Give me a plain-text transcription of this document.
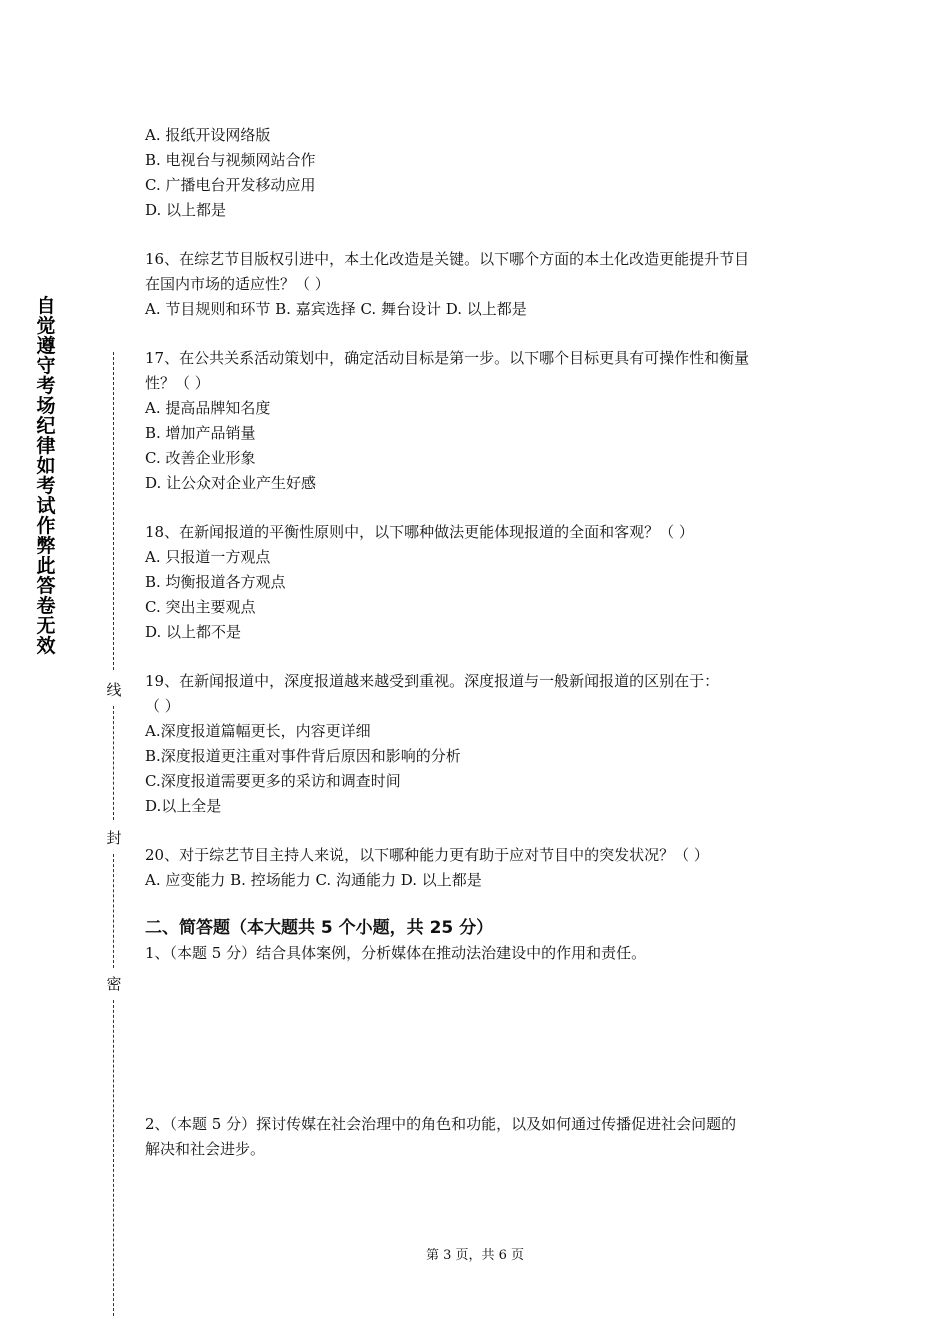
自
觉
遵
守
考
场
纪
律
如
考
试
作
弊
此
答
卷
无
效
线
封
密
A. 报纸开设网络版
B. 电视台与视频网站合作
C. 广播电台开发移动应用
D. 以上都是
16、在综艺节目版权引进中，本土化改造是关键。以下哪个方面的本土化改造更能提升节目
在国内市场的适应性？（ ）
A. 节目规则和环节 B. 嘉宾选择 C. 舞台设计 D. 以上都是
17、在公共关系活动策划中，确定活动目标是第一步。以下哪个目标更具有可操作性和衡量
性？（ ）
A. 提高品牌知名度
B. 增加产品销量
C. 改善企业形象
D. 让公众对企业产生好感
18、在新闻报道的平衡性原则中，以下哪种做法更能体现报道的全面和客观？（ ）
A. 只报道一方观点
B. 均衡报道各方观点
C. 突出主要观点
D. 以上都不是
19、在新闻报道中，深度报道越来越受到重视。深度报道与一般新闻报道的区别在于：
（ ）
A.深度报道篇幅更长，内容更详细
B.深度报道更注重对事件背后原因和影响的分析
C.深度报道需要更多的采访和调查时间
D.以上全是
20、对于综艺节目主持人来说，以下哪种能力更有助于应对节目中的突发状况？（ ）
A. 应变能力 B. 控场能力 C. 沟通能力 D. 以上都是
二、简答题（本大题共 5 个小题，共 25 分）
1、（本题 5 分）结合具体案例，分析媒体在推动法治建设中的作用和责任。
2、（本题 5 分）探讨传媒在社会治理中的角色和功能，以及如何通过传播促进社会问题的
解决和社会进步。
第 3 页，共 6 页
